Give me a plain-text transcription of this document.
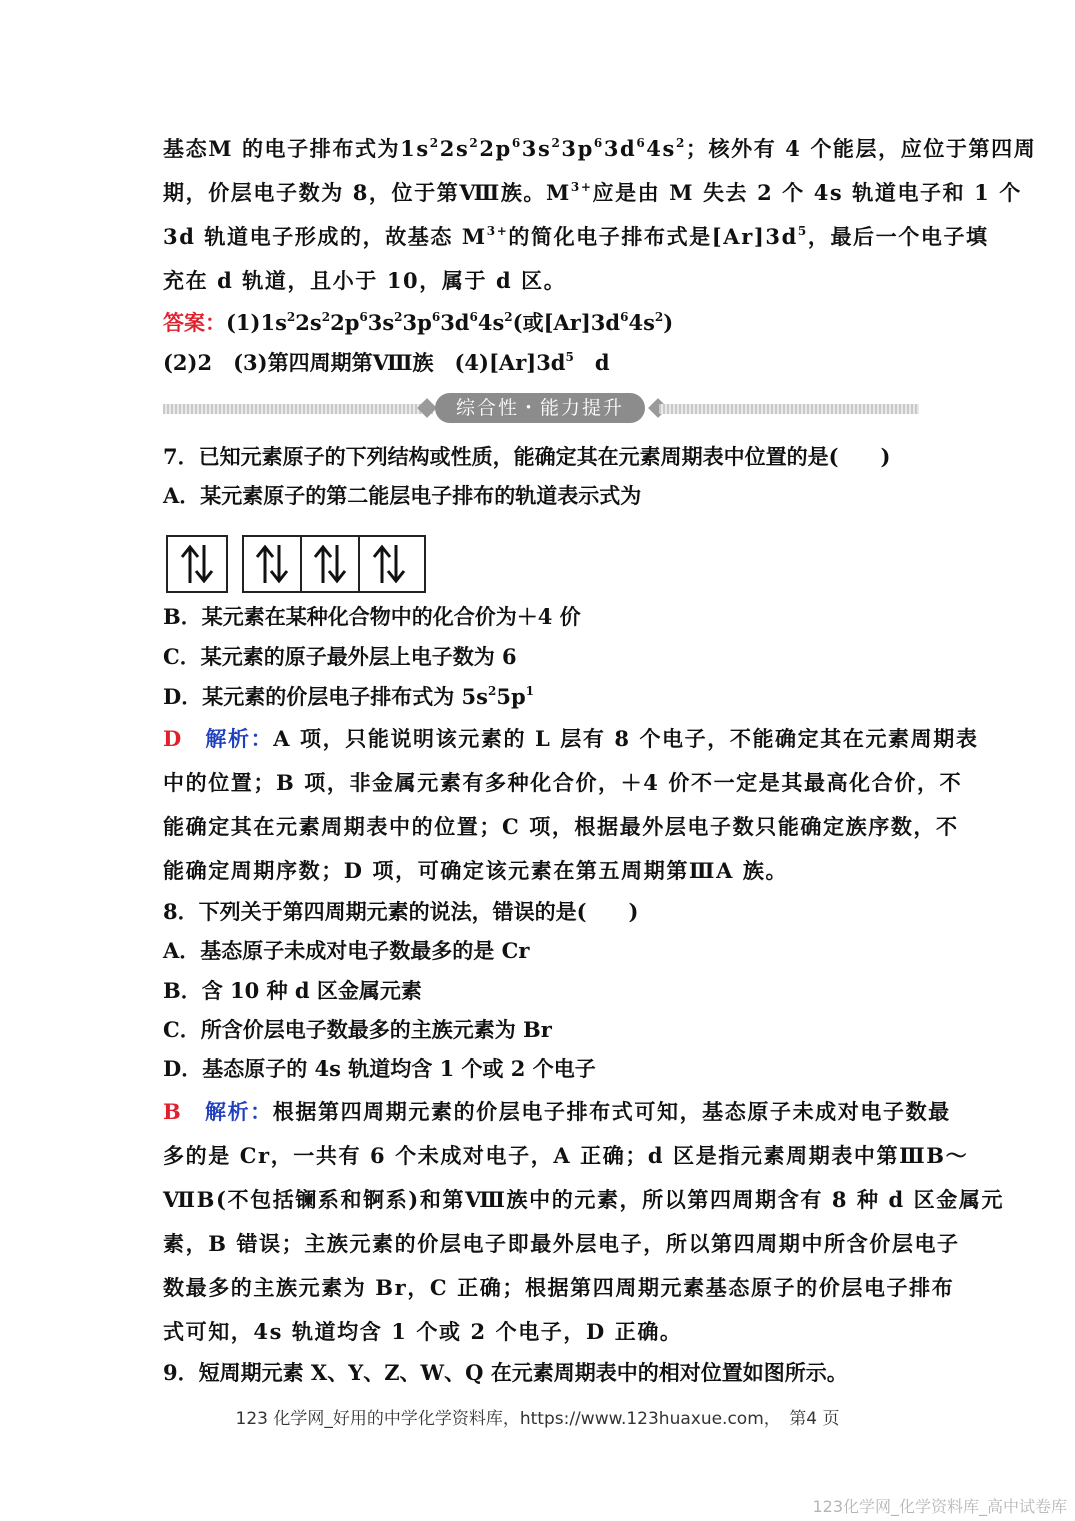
基态M 的电子排布式为$1s^22s^22p^63s^23p^63d^64s^2$；核外有 4 个能层，应位于第四周
期，价层电子数为 8，位于第Ⅷ族。$M^{3+}$应是由 M 失去 2 个 4s 轨道电子和 1 个
3d 轨道电子形成的，故基态 $M^{3+}$的简化电子排布式是$[Ar]3d^5$，最后一个电子填
充在 d 轨道，且小于 10，属于 d 区。
答案：$(1)1s^22s^22p^63s^23p^63d^64s^2$(或$[Ar]3d^64s^2$)
(2)2　(3)第四周期第Ⅷ族　$(4)[Ar]3d^5$　d
综合性・能力提升
7．已知元素原子的下列结构或性质，能确定其在元素周期表中位置的是(　　)
A．某元素原子的第二能层电子排布的轨道表示式为
B．某元素在某种化合物中的化合价为＋4 价
C．某元素的原子最外层上电子数为 6
D．某元素的价层电子排布式为 $5s^25p^1$
D　 解析：A 项，只能说明该元素的 L 层有 8 个电子，不能确定其在元素周期表
中的位置；B 项，非金属元素有多种化合价，＋4 价不一定是其最高化合价，不
能确定其在元素周期表中的位置；C 项，根据最外层电子数只能确定族序数，不
能确定周期序数；D 项，可确定该元素在第五周期第ⅢA 族。
8．下列关于第四周期元素的说法，错误的是(　　)
A．基态原子未成对电子数最多的是 Cr
B．含 10 种 d 区金属元素
C．所含价层电子数最多的主族元素为 Br
D．基态原子的 4s 轨道均含 1 个或 2 个电子
B　 解析：根据第四周期元素的价层电子排布式可知，基态原子未成对电子数最
多的是 Cr，一共有 6 个未成对电子，A 正确；d 区是指元素周期表中第ⅢB～
ⅦB(不包括镧系和锕系)和第Ⅷ族中的元素，所以第四周期含有 8 种 d 区金属元
素，B 错误；主族元素的价层电子即最外层电子，所以第四周期中所含价层电子
数最多的主族元素为 Br，C 正确；根据第四周期元素基态原子的价层电子排布
式可知，4s 轨道均含 1 个或 2 个电子，D 正确。
9．短周期元素 X、Y、Z、W、Q 在元素周期表中的相对位置如图所示。
123 化学网_好用的中学化学资料库，https://www.123huaxue.com，　第4 页
123化学网_化学资料库_高中试卷库
